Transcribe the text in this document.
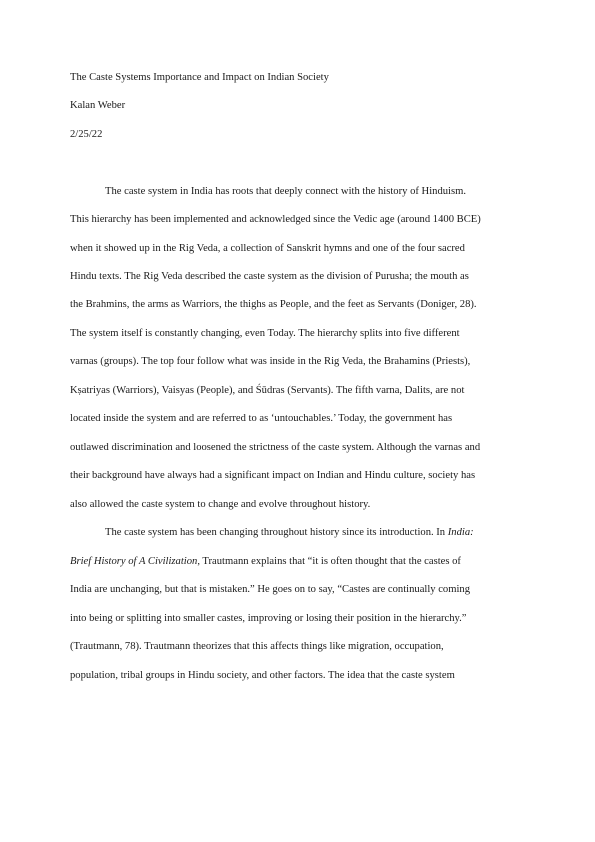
The Caste Systems Importance and Impact on Indian Society

Kalan Weber

2/25/22

The caste system in India has roots that deeply connect with the history of Hinduism.

This hierarchy has been implemented and acknowledged since the Vedic age (around 1400 BCE)

when it showed up in the Rig Veda, a collection of Sanskrit hymns and one of the four sacred

Hindu texts. The Rig Veda described the caste system as the division of Purusha; the mouth as

the Brahmins, the arms as Warriors, the thighs as People, and the feet as Servants (Doniger, 28).

The system itself is constantly changing, even Today. The hierarchy splits into five different

varnas (groups). The top four follow what was inside in the Rig Veda, the Brahamins (Priests),

Kṣatriyas (Warriors), Vaisyas (People), and Śūdras (Servants). The fifth varna, Dalits, are not

located inside the system and are referred to as ‘untouchables.’ Today, the government has

outlawed discrimination and loosened the strictness of the caste system. Although the varnas and

their background have always had a significant impact on Indian and Hindu culture, society has

also allowed the caste system to change and evolve throughout history.

The caste system has been changing throughout history since its introduction. In India:

Brief History of A Civilization, Trautmann explains that “it is often thought that the castes of

India are unchanging, but that is mistaken.” He goes on to say, “Castes are continually coming

into being or splitting into smaller castes, improving or losing their position in the hierarchy.”

(Trautmann, 78). Trautmann theorizes that this affects things like migration, occupation,

population, tribal groups in Hindu society, and other factors. The idea that the caste system
